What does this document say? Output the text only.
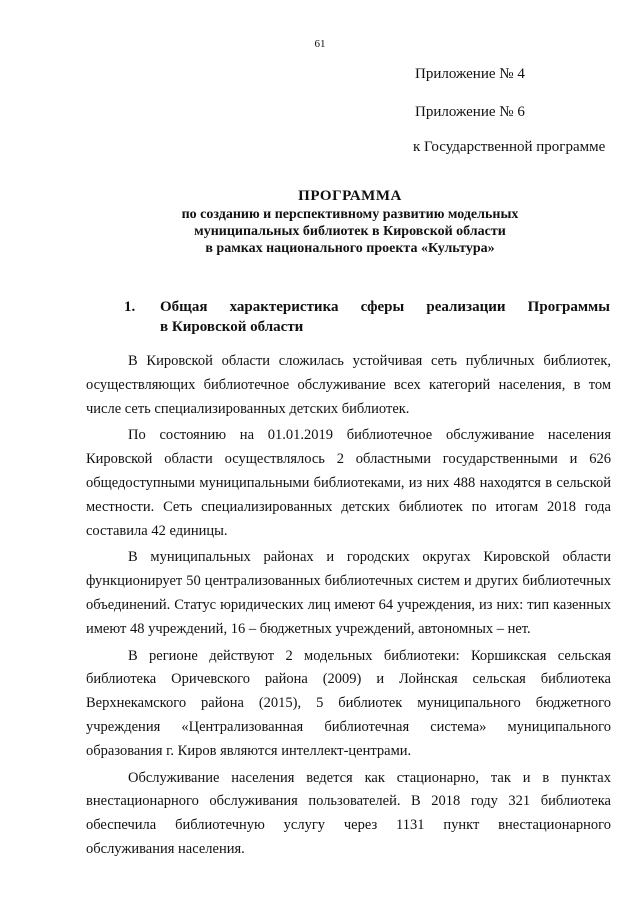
61
Приложение № 4
Приложение № 6
к Государственной программе
ПРОГРАММА
по созданию и перспективному развитию модельных
муниципальных библиотек в Кировской области
в рамках национального проекта «Культура»
1. Общая характеристика сферы реализации Программы
в Кировской области

В Кировской области сложилась устойчивая сеть публичных библиотек, осуществляющих библиотечное обслуживание всех категорий населения, в том числе сеть специализированных детских библиотек.

По состоянию на 01.01.2019 библиотечное обслуживание населения Кировской области осуществлялось 2 областными государственными и 626 общедоступными муниципальными библиотеками, из них 488 находятся в сельской местности. Сеть специализированных детских библиотек по итогам 2018 года составила 42 единицы.

В муниципальных районах и городских округах Кировской области функционирует 50 централизованных библиотечных систем и других библиотечных объединений. Статус юридических лиц имеют 64 учреждения, из них: тип казенных имеют 48 учреждений, 16 – бюджетных учреждений, автономных – нет.

В регионе действуют 2 модельных библиотеки: Коршикская сельская библиотека Оричевского района (2009) и Лойнская сельская библиотека Верхнекамского района (2015), 5 библиотек муниципального бюджетного учреждения «Централизованная библиотечная система» муниципального образования г. Киров являются интеллект-центрами.

Обслуживание населения ведется как стационарно, так и в пунктах внестационарного обслуживания пользователей. В 2018 году 321 библиотека обеспечила библиотечную услугу через 1131 пункт внестационарного обслуживания населения.
